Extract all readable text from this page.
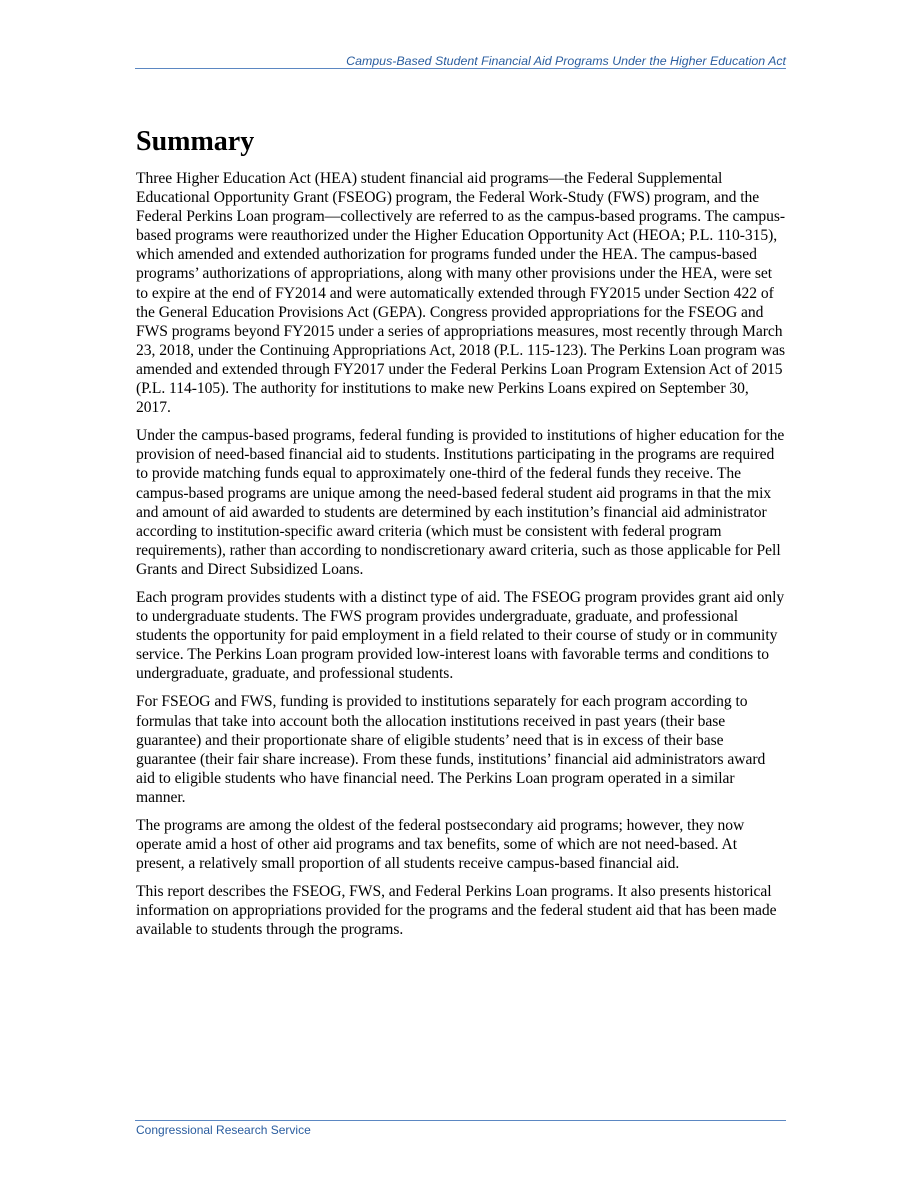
Campus-Based Student Financial Aid Programs Under the Higher Education Act
Summary

Three Higher Education Act (HEA) student financial aid programs—the Federal Supplemental Educational Opportunity Grant (FSEOG) program, the Federal Work-Study (FWS) program, and the Federal Perkins Loan program—collectively are referred to as the campus-based programs. The campus-based programs were reauthorized under the Higher Education Opportunity Act (HEOA; P.L. 110-315), which amended and extended authorization for programs funded under the HEA. The campus-based programs’ authorizations of appropriations, along with many other provisions under the HEA, were set to expire at the end of FY2014 and were automatically extended through FY2015 under Section 422 of the General Education Provisions Act (GEPA). Congress provided appropriations for the FSEOG and FWS programs beyond FY2015 under a series of appropriations measures, most recently through March 23, 2018, under the Continuing Appropriations Act, 2018 (P.L. 115-123). The Perkins Loan program was amended and extended through FY2017 under the Federal Perkins Loan Program Extension Act of 2015 (P.L. 114-105). The authority for institutions to make new Perkins Loans expired on September 30, 2017.

Under the campus-based programs, federal funding is provided to institutions of higher education for the provision of need-based financial aid to students. Institutions participating in the programs are required to provide matching funds equal to approximately one-third of the federal funds they receive. The campus-based programs are unique among the need-based federal student aid programs in that the mix and amount of aid awarded to students are determined by each institution’s financial aid administrator according to institution-specific award criteria (which must be consistent with federal program requirements), rather than according to nondiscretionary award criteria, such as those applicable for Pell Grants and Direct Subsidized Loans.

Each program provides students with a distinct type of aid. The FSEOG program provides grant aid only to undergraduate students. The FWS program provides undergraduate, graduate, and professional students the opportunity for paid employment in a field related to their course of study or in community service. The Perkins Loan program provided low-interest loans with favorable terms and conditions to undergraduate, graduate, and professional students.

For FSEOG and FWS, funding is provided to institutions separately for each program according to formulas that take into account both the allocation institutions received in past years (their base guarantee) and their proportionate share of eligible students’ need that is in excess of their base guarantee (their fair share increase). From these funds, institutions’ financial aid administrators award aid to eligible students who have financial need. The Perkins Loan program operated in a similar manner.

The programs are among the oldest of the federal postsecondary aid programs; however, they now operate amid a host of other aid programs and tax benefits, some of which are not need-based. At present, a relatively small proportion of all students receive campus-based financial aid.

This report describes the FSEOG, FWS, and Federal Perkins Loan programs. It also presents historical information on appropriations provided for the programs and the federal student aid that has been made available to students through the programs.

Congressional Research Service
